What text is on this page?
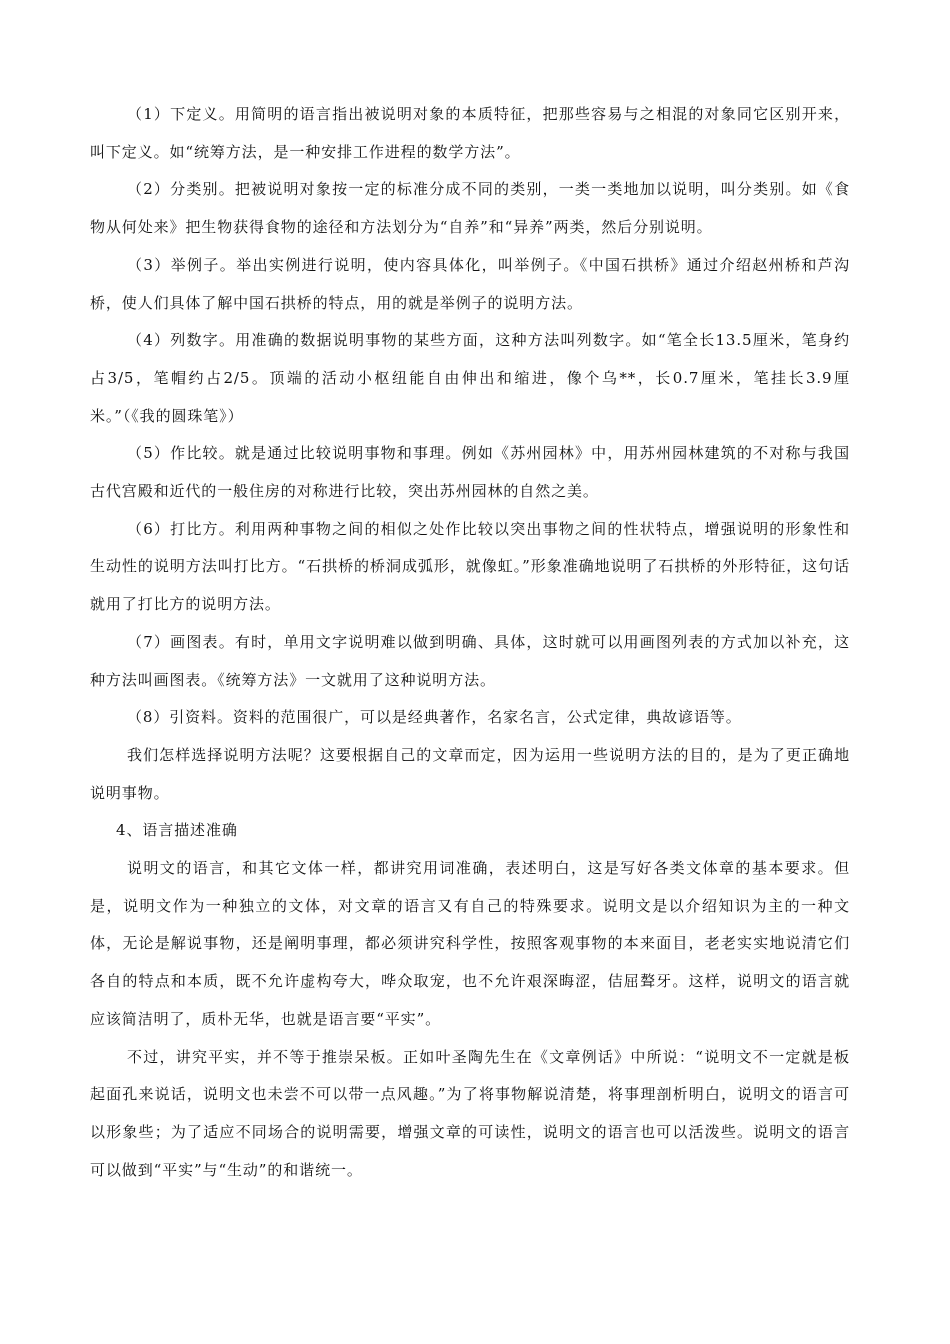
（1）下定义。用简明的语言指出被说明对象的本质特征，把那些容易与之相混的对象同它区别开来，叫下定义。如“统筹方法，是一种安排工作进程的数学方法”。

（2）分类别。把被说明对象按一定的标准分成不同的类别，一类一类地加以说明，叫分类别。如《食物从何处来》把生物获得食物的途径和方法划分为“自养”和“异养”两类，然后分别说明。

（3）举例子。举出实例进行说明，使内容具体化，叫举例子。《中国石拱桥》通过介绍赵州桥和芦沟桥，使人们具体了解中国石拱桥的特点，用的就是举例子的说明方法。

（4）列数字。用准确的数据说明事物的某些方面，这种方法叫列数字。如“笔全长13.5厘米，笔身约占3/5，笔帽约占2/5。顶端的活动小枢纽能自由伸出和缩进，像个乌**，长0.7厘米，笔挂长3.9厘米。”（《我的圆珠笔》）

（5）作比较。就是通过比较说明事物和事理。例如《苏州园林》中，用苏州园林建筑的不对称与我国古代宫殿和近代的一般住房的对称进行比较，突出苏州园林的自然之美。

（6）打比方。利用两种事物之间的相似之处作比较以突出事物之间的性状特点，增强说明的形象性和生动性的说明方法叫打比方。“石拱桥的桥洞成弧形，就像虹。”形象准确地说明了石拱桥的外形特征，这句话就用了打比方的说明方法。

（7）画图表。有时，单用文字说明难以做到明确、具体，这时就可以用画图列表的方式加以补充，这种方法叫画图表。《统筹方法》一文就用了这种说明方法。

（8）引资料。资料的范围很广，可以是经典著作，名家名言，公式定律，典故谚语等。

我们怎样选择说明方法呢？这要根据自己的文章而定，因为运用一些说明方法的目的，是为了更正确地说明事物。

4、语言描述准确

说明文的语言，和其它文体一样，都讲究用词准确，表述明白，这是写好各类文体章的基本要求。但是，说明文作为一种独立的文体，对文章的语言又有自己的特殊要求。说明文是以介绍知识为主的一种文体，无论是解说事物，还是阐明事理，都必须讲究科学性，按照客观事物的本来面目，老老实实地说清它们各自的特点和本质，既不允许虚构夸大，哗众取宠，也不允许艰深晦涩，佶屈聱牙。这样，说明文的语言就应该简洁明了，质朴无华，也就是语言要“平实”。

不过，讲究平实，并不等于推崇呆板。正如叶圣陶先生在《文章例话》中所说：“说明文不一定就是板起面孔来说话，说明文也未尝不可以带一点风趣。”为了将事物解说清楚，将事理剖析明白，说明文的语言可以形象些；为了适应不同场合的说明需要，增强文章的可读性，说明文的语言也可以活泼些。说明文的语言可以做到“平实”与“生动”的和谐统一。
